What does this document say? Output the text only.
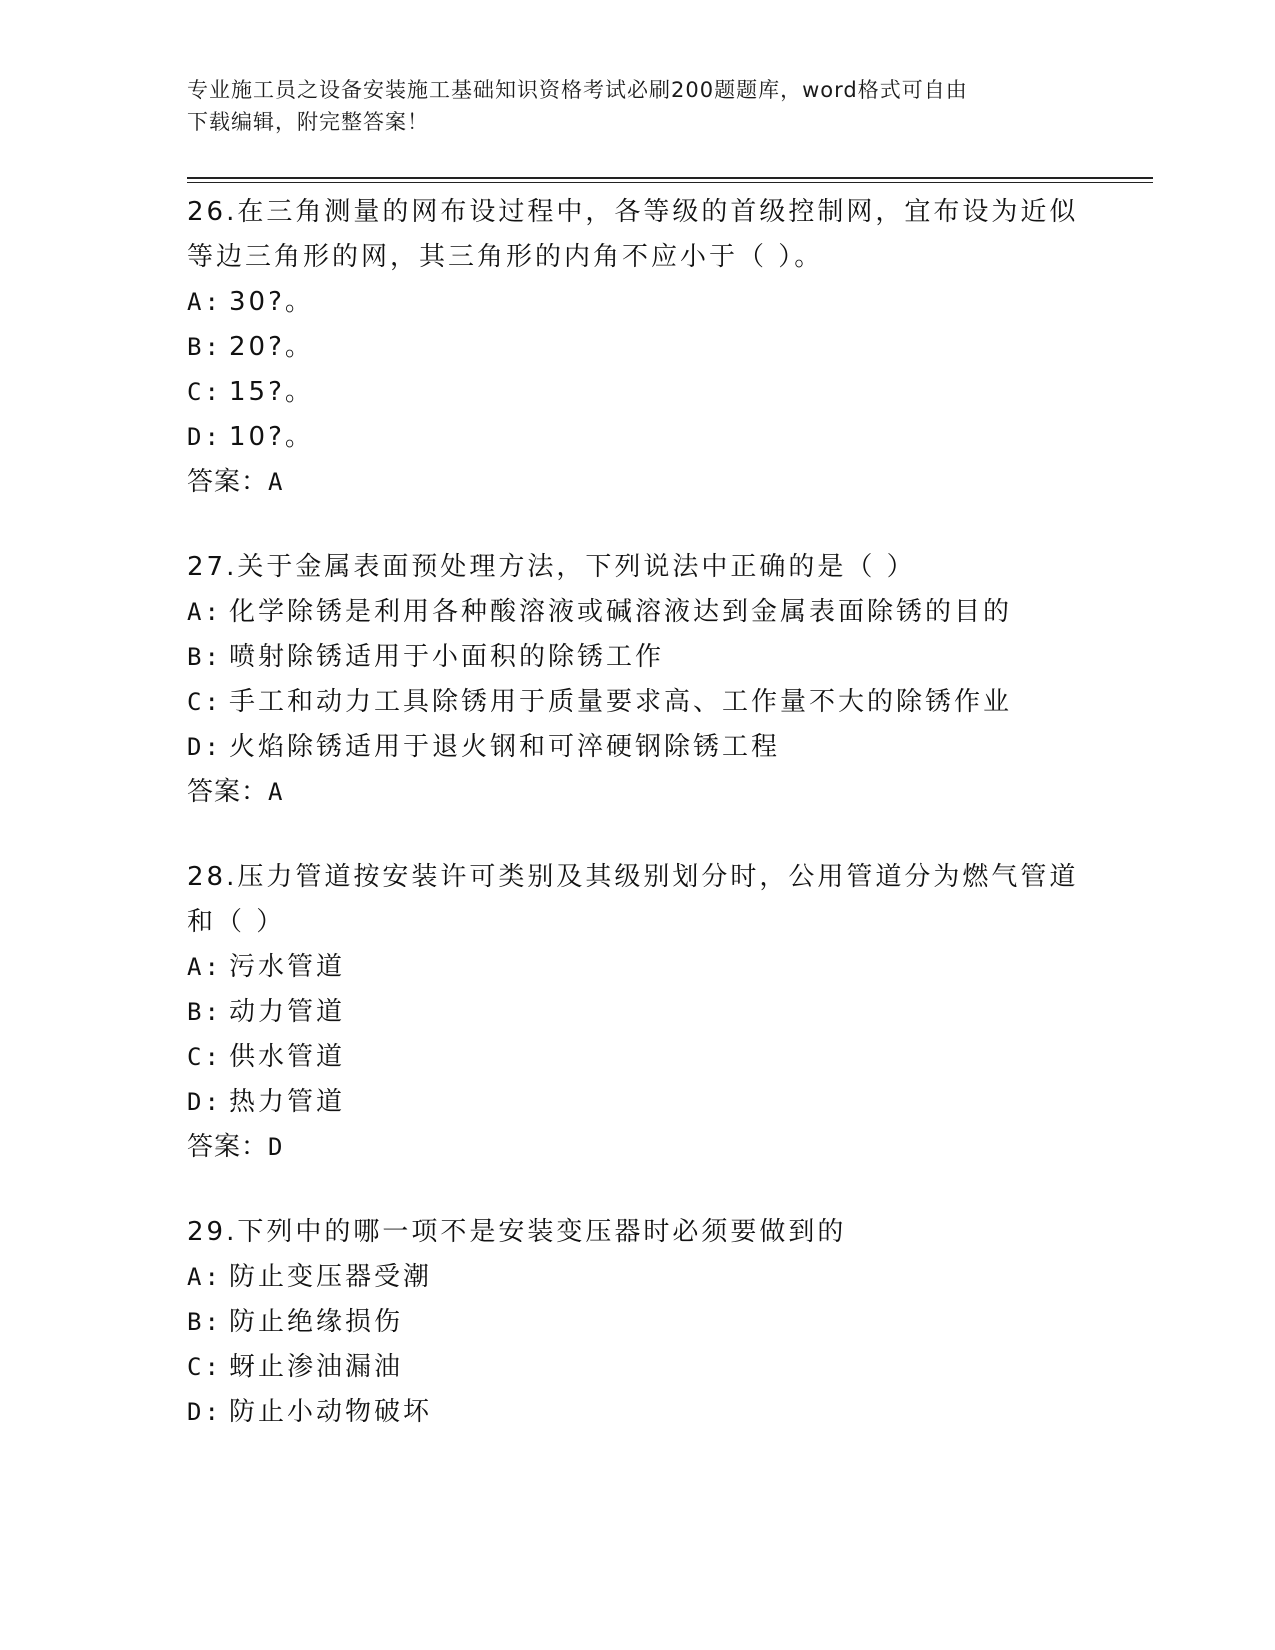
专业施工员之设备安装施工基础知识资格考试必刷200题题库，word格式可自由
下载编辑，附完整答案！

26.在三角测量的网布设过程中，各等级的首级控制网，宜布设为近似
等边三角形的网，其三角形的内角不应小于（ ）。

A: 30?。

B: 20?。

C: 15?。

D: 10?。

答案：A

27.关于金属表面预处理方法，下列说法中正确的是（ ）

A: 化学除锈是利用各种酸溶液或碱溶液达到金属表面除锈的目的

B: 喷射除锈适用于小面积的除锈工作

C: 手工和动力工具除锈用于质量要求高、工作量不大的除锈作业

D: 火焰除锈适用于退火钢和可淬硬钢除锈工程

答案：A

28.压力管道按安装许可类别及其级别划分时，公用管道分为燃气管道
和（ ）

A: 污水管道

B: 动力管道

C: 供水管道

D: 热力管道

答案：D

29.下列中的哪一项不是安装变压器时必须要做到的

A: 防止变压器受潮

B: 防止绝缘损伤

C: 蚜止渗油漏油

D: 防止小动物破坏
